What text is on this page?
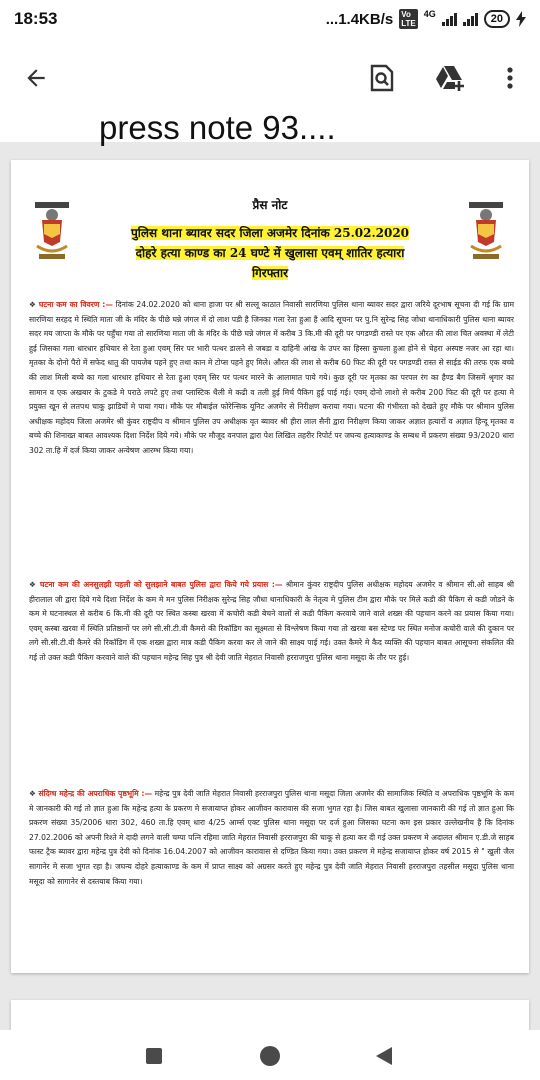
18:53	...1.4KB/s Vo
LTE
4G	20
press note 93....
प्रैस नोट
पुलिस थाना ब्यावर सदर जिला अजमेर दिनांक 25.02.2020
दोहरे हत्या काण्ड का 24 घण्टे में खुलासा एवम् शातिर हत्यारा
गिरफ्तार
❖ घटना कम का विवरण :— दिनांक 24.02.2020 को थाना हाजा पर श्री सल्लू काठात निवासी सारणिया पुलिस थाना ब्यावर सदर द्वारा जरिये दूरभाष सूचना दी गई कि ग्राम सारणिया सरहद मे स्थिति माता जी के मंदिर के पीछे घन्ने जंगल में दो लाश पडी है जिनका गला रेता हुआ है आदि सूचना पर पु.नि सुरेन्द्र सिह जोधा थानाधिकारी पुलिस थाना ब्यावर सदर मय जाप्ता के मौके पर पहुँचा गया तो सारणिया माता जी के मंदिर के पीछे घन्ने जंगल में करीब 3 कि.मी की दूरी पर पगडण्डी रास्ते पर एक औरत की लाश चित अवस्था में लेटी हुई जिसका गला धारधार हथियार से रेता हुआ एवम् सिर पर भारी पत्थर डालने से जबडा व दाहिनी आंख के उपर का हिस्सा कुचला हुआ होने से चेहरा अस्पष्ट नजर आ रहा था। मृतका के दोनो पैरो में सफेद धातु की पायजेब पहने हुए तथा कान मे टोप्स पहने हुए मिले। औरत की लाश से करीब 60 फिट की दूरी पर पगडण्डी रास्त से साईड की तरफ एक बच्चे की लाश मिली बच्चे का गला धारधार हथियार से रेता हुआ एवम् सिर पर पत्थर मारने के आलामात पाये गये। कुछ दूरी पर मृतका का परपल रंग का हैण्ड बैग जिसमें श्रृगार का सामान व एक अखबार के टुकडे मे पराठे लपटे हुए तथा प्लास्टिक थैली मे कढी व तली हुई मिर्च पैकिग हुई पाई गई। एवम् दोनो लाशो से करीब 200 फिट की दूरी पर हत्या मे प्रयुक्त खून से लतपथ चाकू झाडियों मे पाया गया। मौके पर मौबाईल फोरेन्सिक यूनिट अजमेर से निरीक्षण कराया गया। घटना की गंभीरता को देखते हुए मौके पर श्रीमान पुलिस अधीक्षक महोदय जिला अजमेर श्री कुंवर राष्ट्रदीप व श्रीमान पुलिस उप अधीक्षक वृत ब्यावर श्री हीरा लाल सैनी द्वारा निरीक्षण किया जाकर अज्ञात हत्यारों व अज्ञात हिन्दू मृतका व बच्चे की शिनाख्त बाबत आवश्यक दिशा निर्देश दिये गये। मौके पर मौजूद वनपाल द्वारा पेश लिखित तहरीर रिपोर्ट पर जघन्य हत्याकाण्ड के सम्बध में प्रकरण संख्या 93/2020 धारा 302 ता.हि में दर्ज किया जाकर अन्वेषण आरम्भ किया गया।
❖ घटना कम की अनसुलझी पहली को सुलझाने बाबत पुलिस द्वारा किये गये प्रयास :— श्रीमान कुंवर राष्ट्रदीप पुलिस अधीक्षक महोदय अजमेर व श्रीमान सी.ओ साहब श्री हीरालाल जी द्वारा दिये गये दिशा निर्देश के कम मे मन पुलिस निरीक्षक सुरेन्द्र सिह जौधा थानाधिकारी के नेतृत्व मे पुलिस टीम द्वारा मौके पर मिले कडी की पैकिग से कडी जोडने के कम मे घटनास्थल से करीब 6 कि.मी की दूरी पर स्थित कस्बा खरवा में कचोरी कडी बेचने वालों से कडी पैकिग करवाये जाने वाले शख्स की पहचान करने का प्रयास किया गया। एवम् कस्बा खरवा में स्थिति प्रतिष्ठानों पर लगे सी.सी.टी.वी कैमरो की रिकॉडिग का सूक्ष्मता से विश्लेषण किया गया तो खरवा बस स्टेण्ड पर स्थित मनोज कचोरी वाले की दुकान पर लगे सी.सी.टी.वी कैमरे की रिकॉडिग में एक शख्स द्वारा मात्र कडी पैकिग करवा कर ले जाने की साक्ष्य पाई गई। उक्त कैमरे मे कैद व्यक्ति की पहचान बाबत आसूचना संकलित की गई तो उक्त कडी पैकिग करवाने वाले की पहचान महेन्द्र सिह पुत्र श्री देवी जाति मेहरात निवासी हरराजपुरा पुलिस थाना मसूदा के तौर पर हुई।
❖ संदिग्ध महेन्द्र की अपराधिक पृष्ठभूमि :— महेन्द्र पुत्र देवी जाति मेहरात निवासी हरराजपुरा पुलिस थाना मसूदा जिला अजमेर की सामाजिक स्थिति व अपराधिक पृष्ठभूमि के कम मे जानकारी की गई तो ज्ञात हुआ कि महेन्द्र हत्या के प्रकरण मे सजायाप्त होकर आजीवन कारावास की सजा भुगत रहा है। जिस बाबत खुलासा जानकारी की गई तो ज्ञात हुआ कि प्रकरण संख्या 35/2006 धारा 302, 460 ता.हि एवम् धारा 4/25 आर्म्स एक्ट पुलिस थाना मसूदा पर दर्ज हुआ जिसका घटना कम इस प्रकार उल्लेखनीय है कि दिनांक 27.02.2006 को अपनी रिश्ते मे दादी लगने वाली चम्पा पत्नि रहिमा जाति मेहरात निवासी हरराजपुरा की चाकू से हत्या कर दी गई उक्त प्रकरण मे अदालत श्रीमान ए.डी.जे साहब फास्ट ट्रैक ब्यावर द्वारा महेन्द्र पुत्र देवी को दिनांक 16.04.2007 को आजीवन कारावास से दण्डित किया गया। उक्त प्रकरण मे महेन्द्र सजायाप्त होकर वर्ष 2015 से " खुली जैल सागानेर मे सजा भुगत रहा है। जघन्य दोहरे हत्याकाण्ड के कम में प्राप्त साक्ष्य को अग्रसर करते हुए महेन्द्र पुत्र देवी जाति मेहरात निवासी हरराजपुरा तहसील मसूदा पुलिस थाना मसूदा को सागानेर से दस्तयाब किया गया।
